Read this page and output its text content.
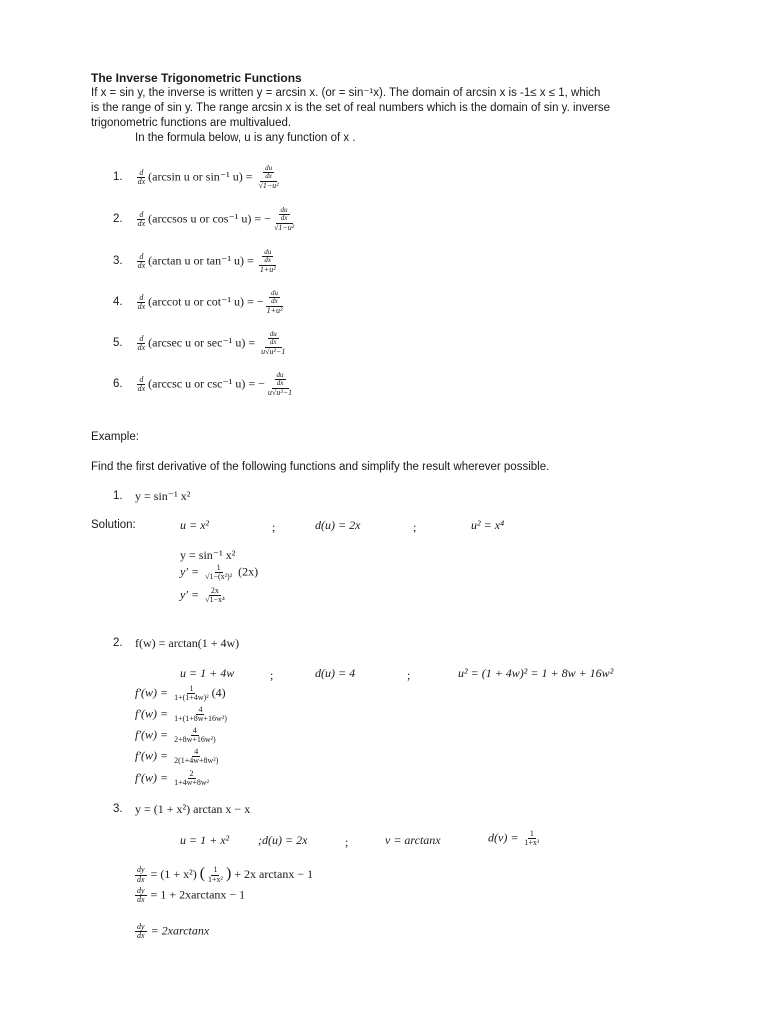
The Inverse Trigonometric Functions
If x = sin y, the inverse is written y = arcsin x. (or = sin⁻¹x). The domain of arcsin x is -1≤ x ≤ 1, which
is the range of sin y. The range arcsin x is the set of real numbers which is the domain of sin y. inverse
trigonometric functions are multivalued.
In the formula below, u is any function of x .
1. $\frac{d}{dx} (\arcsin$ u or sin⁻¹ $u) = \frac{\frac{du}{dx}}{\text{√1−u²}}$
2. $\frac{d}{dx}$ (arccsos u or cos⁻¹ u) = − $\frac{\frac{du}{dx}}{\text{√1−u²}}$
3. $\frac{d}{dx} (\arctan$ u or tan⁻¹ $u) = \frac{\frac{du}{dx}}{\text{1+u²}}$
4. $\frac{d}{dx} (arccot$ u or cot⁻¹ u) = − $\frac{\frac{du}{dx}}{\text{1+u²}}$
5. $\frac{d}{dx} (arcsec$ u or sec⁻¹ $u) = \frac{\frac{du}{dx}}{\text{u√u²−1}}$
6. $\frac{d}{dx} (arccsc$ u or csc⁻¹ u) = − $\frac{\frac{du}{dx}}{\text{u√u²−1}}$
Example:
Find the first derivative of the following functions and simplify the result wherever possible.
1. y = sin⁻¹ x²
Solution:	u = x²	;	d(u) = 2x	;	u² = x⁴
y = sin⁻¹ x²
$y' = \frac{1}{\text{√1−(x²)²}} (2x)$
$y' = \frac{2x}{\text{√1−x⁴}}$
2. f(w) = arctan(1 + 4w)
u = 1 + 4w	;	d(u) = 4	;	u² = (1 + 4w)² = 1 + 8w + 16w²
$f'(w) = \frac{1}{\text{1+(1+4w)²}} (4)$
$f'(w) = \frac{4}{\text{1+(1+8w+16w²)}}$
$f'(w) = \frac{4}{\text{2+8w+16w²)}}$
$f'(w) = \frac{4}{\text{2(1+4w+8w²)}}$
$f'(w) = \frac{2}{\text{1+4w+8w²}}$
3. y = (1 + x²) arctan x − x
u = 1 + x² ;d(u) = 2x	;	v = arctanx	$d(v) = \frac{1}{\text{1+x²}}$
$\frac{dy}{dx} = (1 + x^2)$ ( $\frac{1}{\text{1+x²}}$ ) + 2x arctanx − 1
$\frac{dy}{dx} = 1 + 2xarctanx - 1$
$\frac{dy}{dx} = 2xarctanx$
